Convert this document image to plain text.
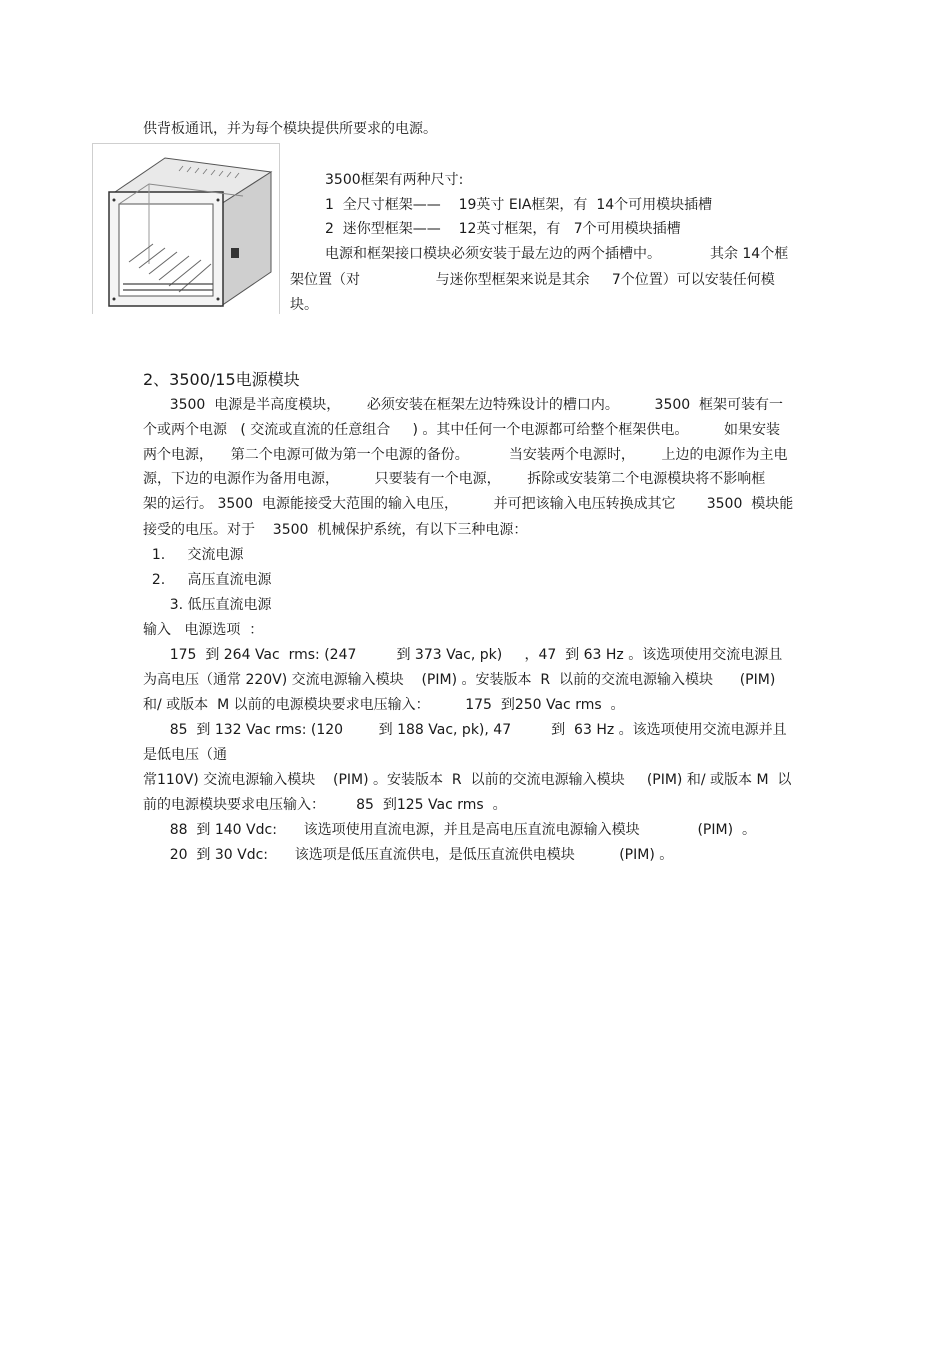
供背板通讯，并为每个模块提供所要求的电源。
3500框架有两种尺寸:
1  全尺寸框架——    19英寸 EIA框架，有  14个可用模块插槽
2  迷你型框架——    12英寸框架，有   7个可用模块插槽
电源和框架接口模块必须安装于最左边的两个插槽中。           其余 14个框
架位置（对                 与迷你型框架来说是其余     7个位置）可以安装任何模
块。
2、3500/15电源模块
3500  电源是半高度模块，      必须安装在框架左边特殊设计的槽口内。        3500  框架可装有一
个或两个电源   ( 交流或直流的任意组合     ) 。其中任何一个电源都可给整个框架供电。        如果安装
两个电源，    第二个电源可做为第一个电源的备份。         当安装两个电源时，      上边的电源作为主电
源，下边的电源作为备用电源，        只要装有一个电源，      拆除或安装第二个电源模块将不影响框
架的运行。 3500  电源能接受大范围的输入电压，        并可把该输入电压转换成其它       3500  模块能
接受的电压。对于    3500  机械保护系统，有以下三种电源：
1.     交流电源
2.     高压直流电源
3. 低压直流电源
输入   电源选项  ：
175  到 264 Vac  rms: (247         到 373 Vac, pk)     ，47  到 63 Hz 。该选项使用交流电源且
为高电压（通常 220V) 交流电源输入模块    (PIM) 。安装版本  R  以前的交流电源输入模块      (PIM)
和/ 或版本  M 以前的电源模块要求电压输入：        175  到250 Vac rms  。
85  到 132 Vac rms: (120        到 188 Vac, pk), 47         到  63 Hz 。该选项使用交流电源并且
是低电压（通
常110V) 交流电源输入模块    (PIM) 。安装版本  R  以前的交流电源输入模块     (PIM) 和/ 或版本 M  以
前的电源模块要求电压输入：       85  到125 Vac rms  。
88  到 140 Vdc:      该选项使用直流电源，并且是高电压直流电源输入模块             (PIM)  。
20  到 30 Vdc:      该选项是低压直流供电，是低压直流供电模块          (PIM) 。
